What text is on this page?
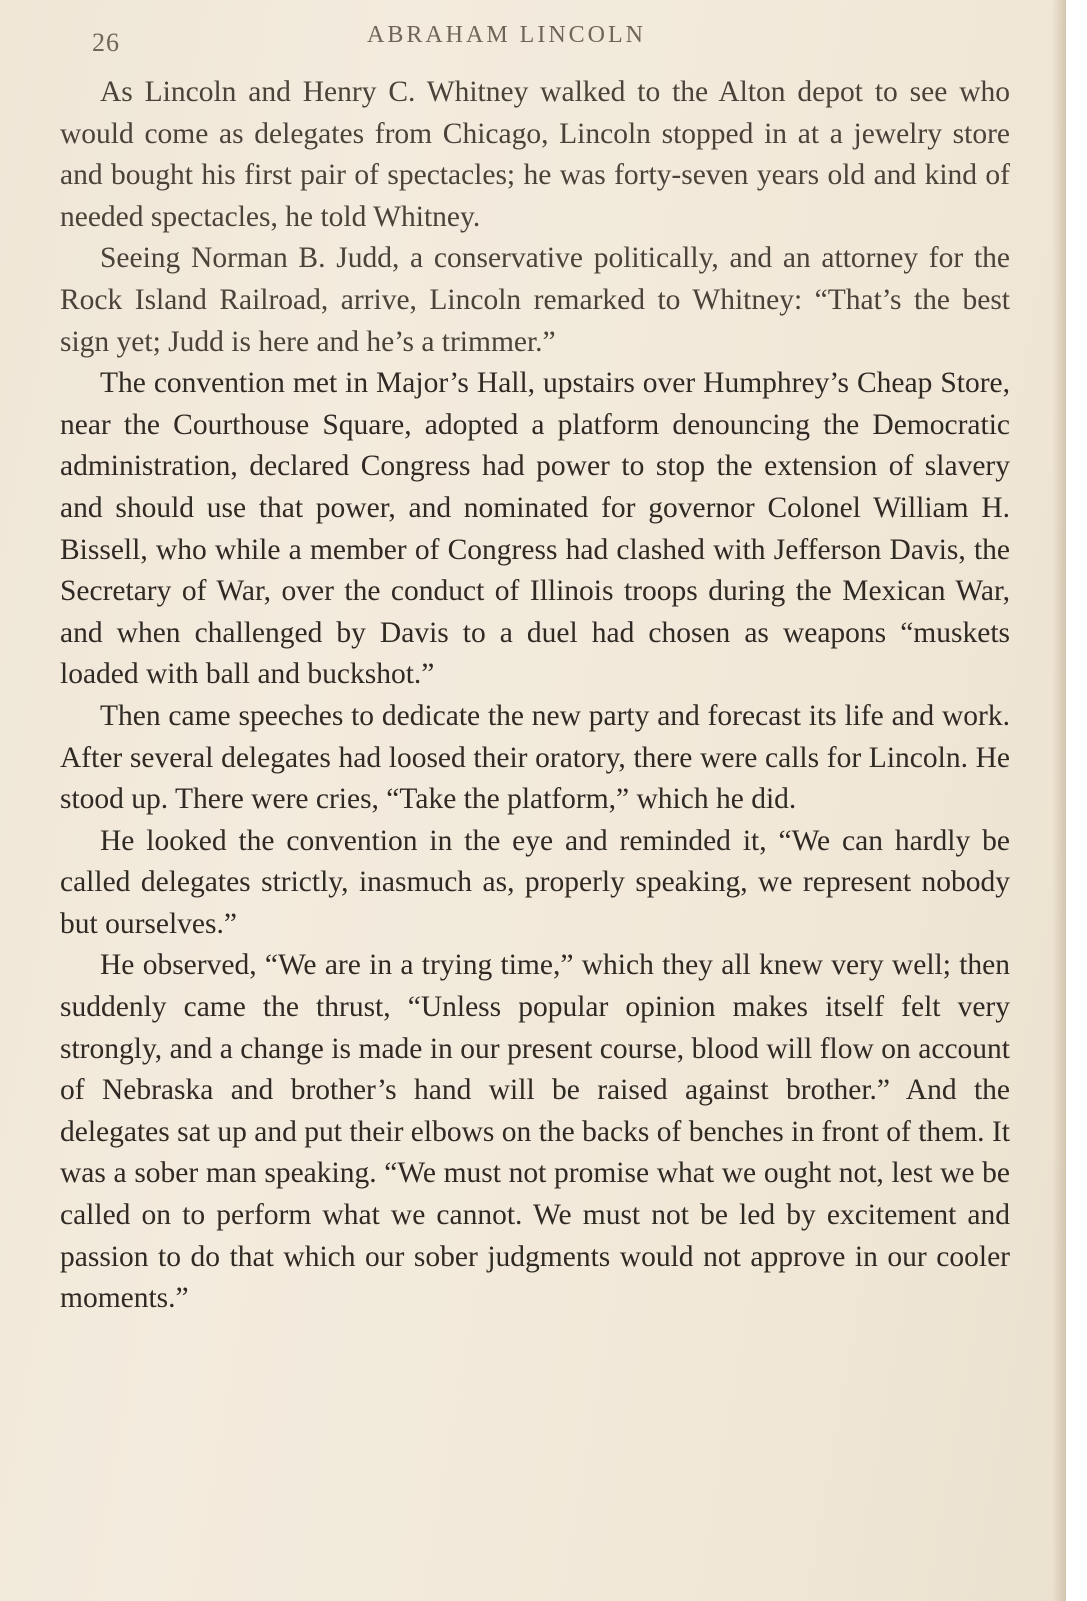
26	ABRAHAM LINCOLN

As Lincoln and Henry C. Whitney walked to the Alton depot to see who would come as delegates from Chicago, Lincoln stopped in at a jewelry store and bought his first pair of spectacles; he was forty-seven years old and kind of needed spectacles, he told Whitney.

Seeing Norman B. Judd, a conservative politically, and an attorney for the Rock Island Railroad, arrive, Lincoln remarked to Whitney: “That’s the best sign yet; Judd is here and he’s a trimmer.”

The convention met in Major’s Hall, upstairs over Humphrey’s Cheap Store, near the Courthouse Square, adopted a platform denouncing the Democratic administration, declared Congress had power to stop the extension of slavery and should use that power, and nominated for governor Colonel William H. Bissell, who while a member of Congress had clashed with Jefferson Davis, the Secretary of War, over the conduct of Illinois troops during the Mexican War, and when challenged by Davis to a duel had chosen as weapons “muskets loaded with ball and buckshot.”

Then came speeches to dedicate the new party and forecast its life and work. After several delegates had loosed their oratory, there were calls for Lincoln. He stood up. There were cries, “Take the platform,” which he did.

He looked the convention in the eye and reminded it, “We can hardly be called delegates strictly, inasmuch as, properly speaking, we represent nobody but ourselves.”

He observed, “We are in a trying time,” which they all knew very well; then suddenly came the thrust, “Unless popular opinion makes itself felt very strongly, and a change is made in our present course, blood will flow on account of Nebraska and brother’s hand will be raised against brother.” And the delegates sat up and put their elbows on the backs of benches in front of them. It was a sober man speaking. “We must not promise what we ought not, lest we be called on to perform what we cannot. We must not be led by excitement and passion to do that which our sober judgments would not approve in our cooler moments.”
